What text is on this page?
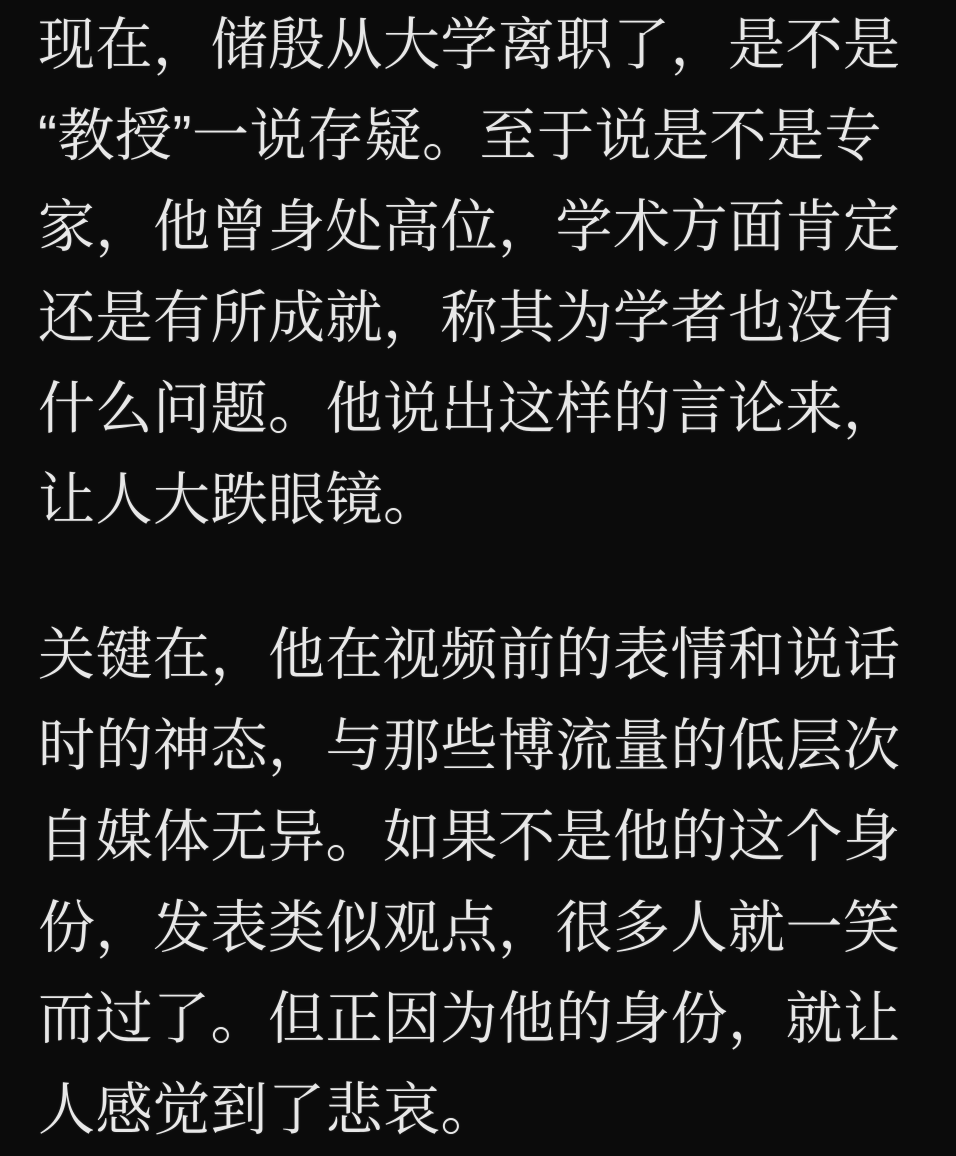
现在，储殷从大学离职了，是不是
“教授”一说存疑。至于说是不是专
家，他曾身处高位，学术方面肯定
还是有所成就，称其为学者也没有
什么问题。他说出这样的言论来，
让人大跌眼镜。
关键在，他在视频前的表情和说话
时的神态，与那些博流量的低层次
自媒体无异。如果不是他的这个身
份，发表类似观点，很多人就一笑
而过了。但正因为他的身份，就让
人感觉到了悲哀。
